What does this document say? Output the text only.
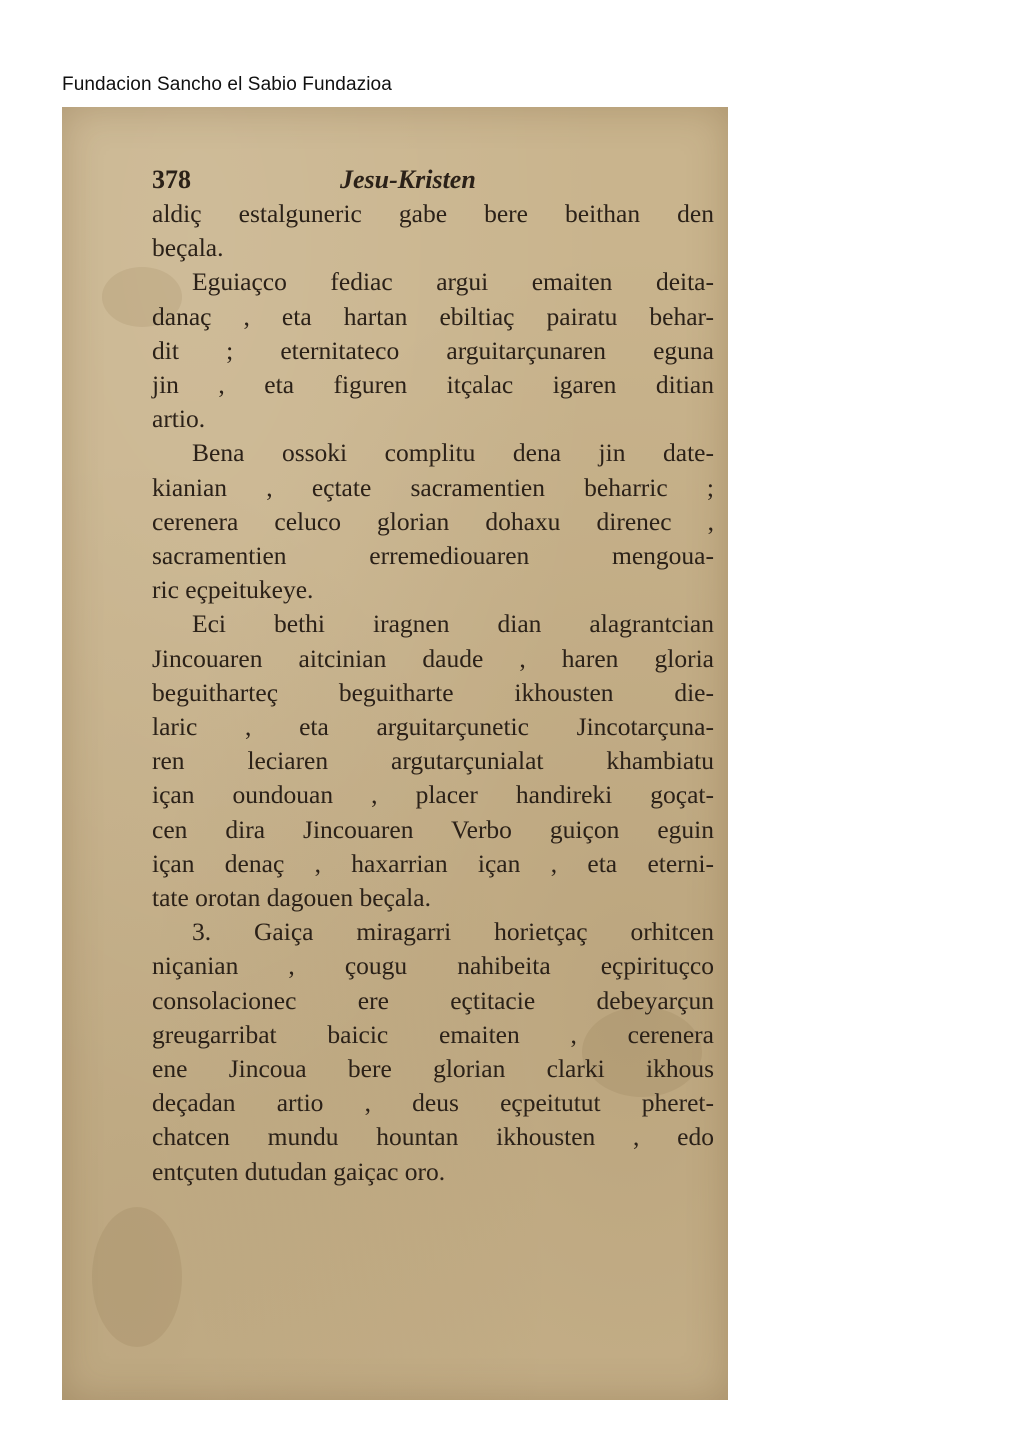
Fundacion Sancho el Sabio Fundazioa
378	Jesu-Kristen
aldiç estalguneric gabe bere beithan den
beçala.
Eguiaçco fediac argui emaiten deita-
danaç , eta hartan ebiltiaç pairatu behar-
dit ; eternitateco arguitarçunaren eguna
jin , eta figuren itçalac igaren ditian
artio.
Bena ossoki complitu dena jin date-
kianian , eçtate sacramentien beharric ;
cerenera celuco glorian dohaxu direnec ,
sacramentien erremediouaren mengoua-
ric eçpeitukeye.
Eci bethi iragnen dian alagrantcian
Jincouaren aitcinian daude , haren gloria
beguitharteç beguitharte ikhousten die-
laric , eta arguitarçunetic Jincotarçuna-
ren leciaren argutarçunialat khambiatu
içan oundouan , placer handireki goçat-
cen dira Jincouaren Verbo guiçon eguin
içan denaç , haxarrian içan , eta eterni-
tate orotan dagouen beçala.
3. Gaiça miragarri horietçaç orhitcen
niçanian , çougu nahibeita eçpirituçco
consolacionec ere eçtitacie debeyarçun
greugarribat baicic emaiten , cerenera
ene Jincoua bere glorian clarki ikhous
deçadan artio , deus eçpeitutut pheret-
chatcen mundu hountan ikhousten , edo
entçuten dutudan gaiçac oro.
